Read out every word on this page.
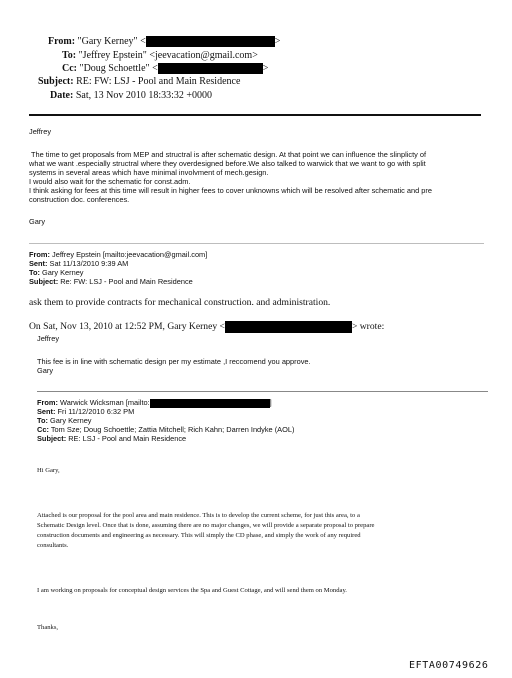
From: "Gary Kerney" <	>
To: "Jeffrey Epstein" <jeevacation@gmail.com>
Cc: "Doug Schoettle" <	>
Subject: RE: FW: LSJ - Pool and Main Residence
Date: Sat, 13 Nov 2010 18:33:32 +0000
Jeffrey
The time to get proposals from MEP and structral is after schematic design. At that point we can influence the slinplicty of
what we want .especially structral where they overdesigned before.We also talked to warwick that we want to go with split
systems in several areas which have minimal involvment of mech.gesign.
I would also wait for the schematic for const.adm.
I think asking for fees at this time will result in higher fees to cover unknowns which will be resolved after schematic and pre
construction doc. conferences.
Gary
From: Jeffrey Epstein [mailto:jeevacation@gmail.com]
Sent: Sat 11/13/2010 9:39 AM
To: Gary Kerney
Subject: Re: FW: LSJ - Pool and Main Residence
ask them to provide contracts for mechanical construction. and administration.
On Sat, Nov 13, 2010 at 12:52 PM, Gary Kerney <	> wrote:
Jeffrey
This fee is in line with schematic design per my estimate ,I reccomend you approve.
Gary
From: Warwick Wicksman [mailto:	]
Sent: Fri 11/12/2010 6:32 PM
To: Gary Kerney
Cc: Tom Sze; Doug Schoettle; Zattia Mitchell; Rich Kahn; Darren Indyke (AOL)
Subject: RE: LSJ - Pool and Main Residence
Hi Gary,
Attached is our proposal for the pool area and main residence. This is to develop the current scheme, for just this area, to a
Schematic Design level. Once that is done, assuming there are no major changes, we will provide a separate proposal to prepare
construction documents and engineering as necessary. This will simply the CD phase, and simply the work of any required
consultants.
I am working on proposals for conceptual design services the Spa and Guest Cottage, and will send them on Monday.
Thanks,
EFTA00749626
